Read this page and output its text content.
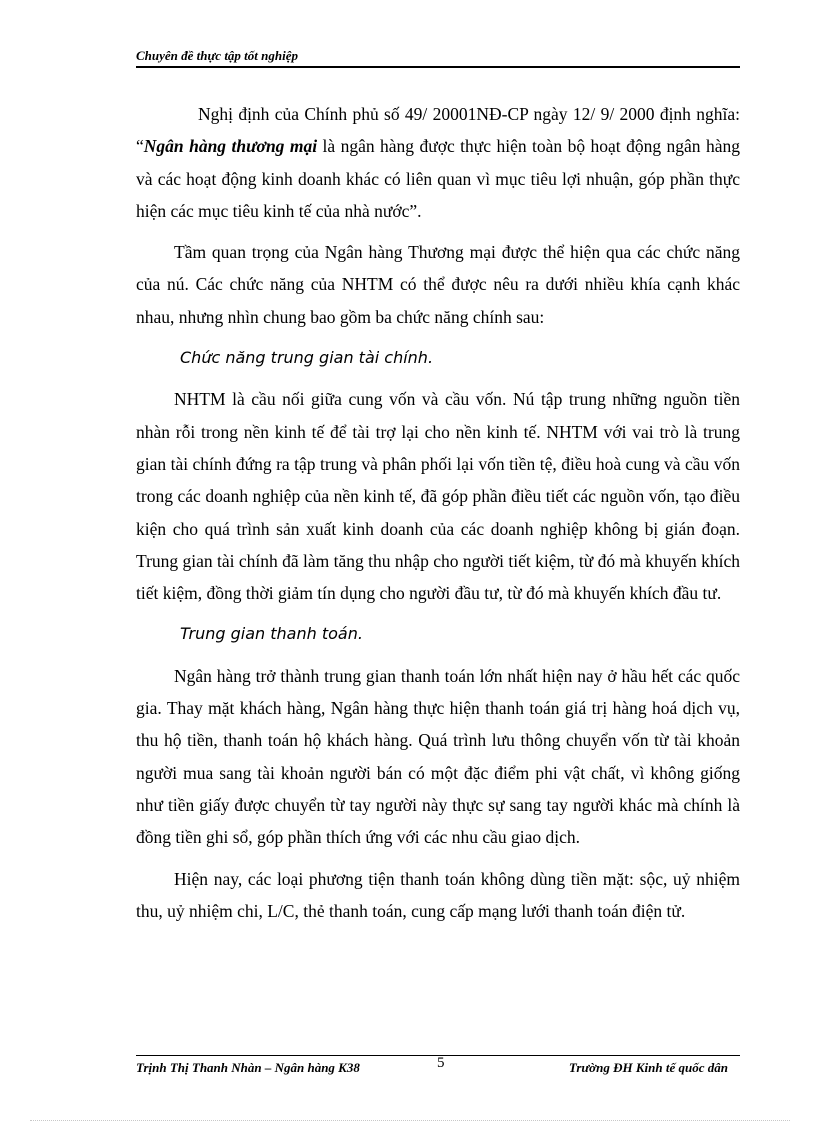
Chuyên đề thực tập tốt nghiệp

Nghị định của Chính phủ số 49/ 20001NĐ-CP ngày 12/ 9/ 2000 định nghĩa: “Ngân hàng thương mại là ngân hàng được thực hiện toàn bộ hoạt động ngân hàng và các hoạt động kinh doanh khác có liên quan vì mục tiêu lợi nhuận, góp phần thực hiện các mục tiêu kinh tế của nhà nước”.

Tầm quan trọng của Ngân hàng Thương mại được thể hiện qua các chức năng của nú. Các chức năng của NHTM có thể được nêu ra dưới nhiều khía cạnh khác nhau, nhưng nhìn chung bao gồm ba chức năng chính sau:

Chức năng trung gian tài chính.

NHTM là cầu nối giữa cung vốn và cầu vốn. Nú tập trung những nguồn tiền nhàn rỗi trong nền kinh tế để tài trợ lại cho nền kinh tế. NHTM với vai trò là trung gian tài chính đứng ra tập trung và phân phối lại vốn tiền tệ, điều hoà cung và cầu vốn trong các doanh nghiệp của nền kinh tế, đã góp phần điều tiết các nguồn vốn, tạo điều kiện cho quá trình sản xuất kinh doanh của các doanh nghiệp không bị gián đoạn. Trung gian tài chính đã làm tăng thu nhập cho người tiết kiệm, từ đó mà khuyến khích tiết kiệm, đồng thời giảm tín dụng cho người đầu tư, từ đó mà khuyến khích đầu tư.

Trung gian thanh toán.

Ngân hàng trở thành trung gian thanh toán lớn nhất hiện nay ở hầu hết các quốc gia. Thay mặt khách hàng, Ngân hàng thực hiện thanh toán giá trị hàng hoá dịch vụ, thu hộ tiền, thanh toán hộ khách hàng. Quá trình lưu thông chuyển vốn từ tài khoản người mua sang tài khoản người bán có một đặc điểm phi vật chất, vì không giống như tiền giấy được chuyển từ tay người này thực sự sang tay người khác mà chính là đồng tiền ghi sổ, góp phần thích ứng với các nhu cầu giao dịch.

Hiện nay, các loại phương tiện thanh toán không dùng tiền mặt: sộc, uỷ nhiệm thu, uỷ nhiệm chi, L/C, thẻ thanh toán, cung cấp mạng lưới thanh toán điện tử.

Trịnh Thị Thanh Nhàn – Ngân hàng K38	5	Trường ĐH Kinh tế quốc dân
